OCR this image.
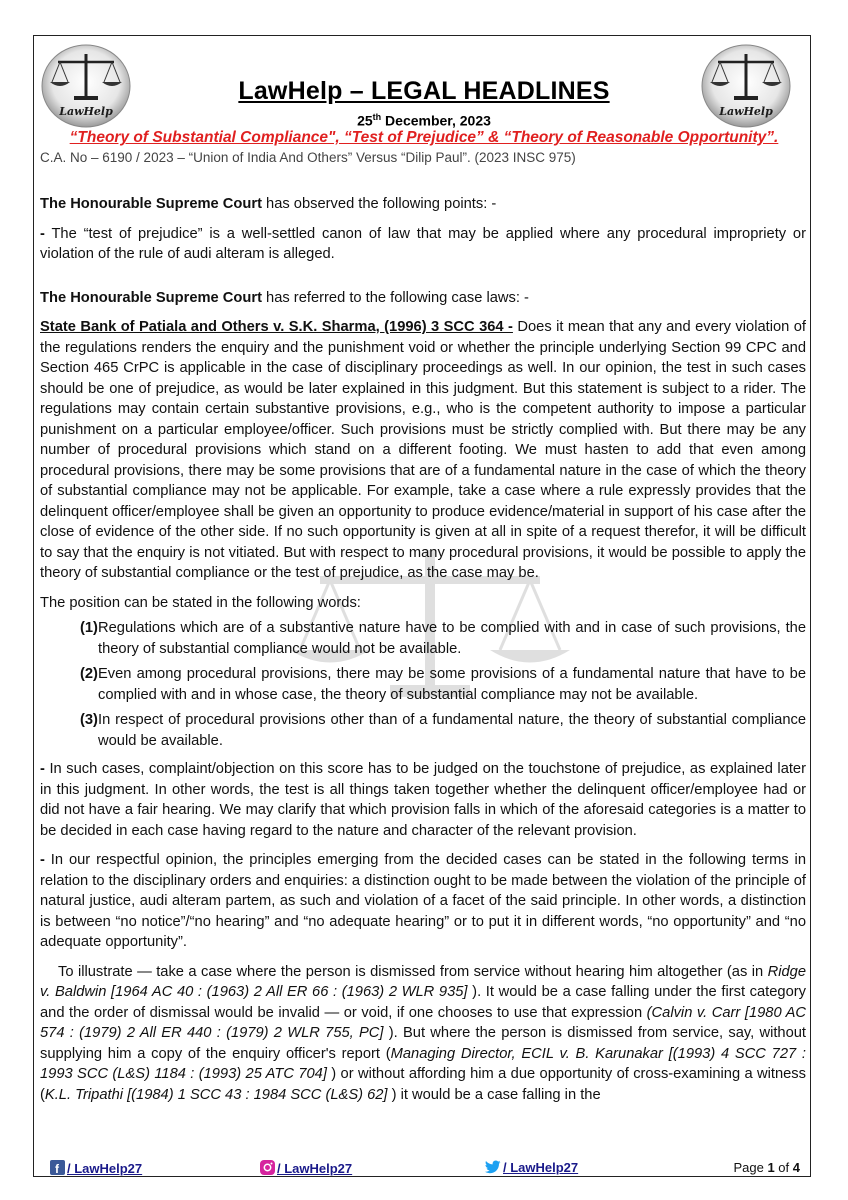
LawHelp	LawHelp
LawHelp – LEGAL HEADLINES
25th December, 2023
“Theory of Substantial Compliance", “Test of Prejudice” & “Theory of Reasonable Opportunity”.
C.A. No – 6190 / 2023 – “Union of India And Others” Versus “Dilip Paul”. (2023 INSC 975)

The Honourable Supreme Court has observed the following points: -

- The “test of prejudice” is a well-settled canon of law that may be applied where any procedural impropriety or violation of the rule of audi alteram is alleged.

The Honourable Supreme Court has referred to the following case laws: -

State Bank of Patiala and Others v. S.K. Sharma, (1996) 3 SCC 364 - Does it mean that any and every violation of the regulations renders the enquiry and the punishment void or whether the principle underlying Section 99 CPC and Section 465 CrPC is applicable in the case of disciplinary proceedings as well. In our opinion, the test in such cases should be one of prejudice, as would be later explained in this judgment. But this statement is subject to a rider. The regulations may contain certain substantive provisions, e.g., who is the competent authority to impose a particular punishment on a particular employee/officer. Such provisions must be strictly complied with. But there may be any number of procedural provisions which stand on a different footing. We must hasten to add that even among procedural provisions, there may be some provisions that are of a fundamental nature in the case of which the theory of substantial compliance may not be applicable. For example, take a case where a rule expressly provides that the delinquent officer/employee shall be given an opportunity to produce evidence/material in support of his case after the close of evidence of the other side. If no such opportunity is given at all in spite of a request therefor, it will be difficult to say that the enquiry is not vitiated. But with respect to many procedural provisions, it would be possible to apply the theory of substantial compliance or the test of prejudice, as the case may be.

The position can be stated in the following words:

(1) Regulations which are of a substantive nature have to be complied with and in case of such provisions, the theory of substantial compliance would not be available.
(2) Even among procedural provisions, there may be some provisions of a fundamental nature that have to be complied with and in whose case, the theory of substantial compliance may not be available.
(3) In respect of procedural provisions other than of a fundamental nature, the theory of substantial compliance would be available.

- In such cases, complaint/objection on this score has to be judged on the touchstone of prejudice, as explained later in this judgment. In other words, the test is all things taken together whether the delinquent officer/employee had or did not have a fair hearing. We may clarify that which provision falls in which of the aforesaid categories is a matter to be decided in each case having regard to the nature and character of the relevant provision.

- In our respectful opinion, the principles emerging from the decided cases can be stated in the following terms in relation to the disciplinary orders and enquiries: a distinction ought to be made between the violation of the principle of natural justice, audi alteram partem, as such and violation of a facet of the said principle. In other words, a distinction is between “no notice”/“no hearing” and “no adequate hearing” or to put it in different words, “no opportunity” and “no adequate opportunity”.

To illustrate — take a case where the person is dismissed from service without hearing him altogether (as in Ridge v. Baldwin [1964 AC 40 : (1963) 2 All ER 66 : (1963) 2 WLR 935] ). It would be a case falling under the first category and the order of dismissal would be invalid — or void, if one chooses to use that expression (Calvin v. Carr [1980 AC 574 : (1979) 2 All ER 440 : (1979) 2 WLR 755, PC] ). But where the person is dismissed from service, say, without supplying him a copy of the enquiry officer's report (Managing Director, ECIL v. B. Karunakar [(1993) 4 SCC 727 : 1993 SCC (L&S) 1184 : (1993) 25 ATC 704] ) or without affording him a due opportunity of cross-examining a witness (K.L. Tripathi [(1984) 1 SCC 43 : 1984 SCC (L&S) 62] ) it would be a case falling in the

f / LawHelp27	/ LawHelp27	/ LawHelp27	Page 1 of 4
